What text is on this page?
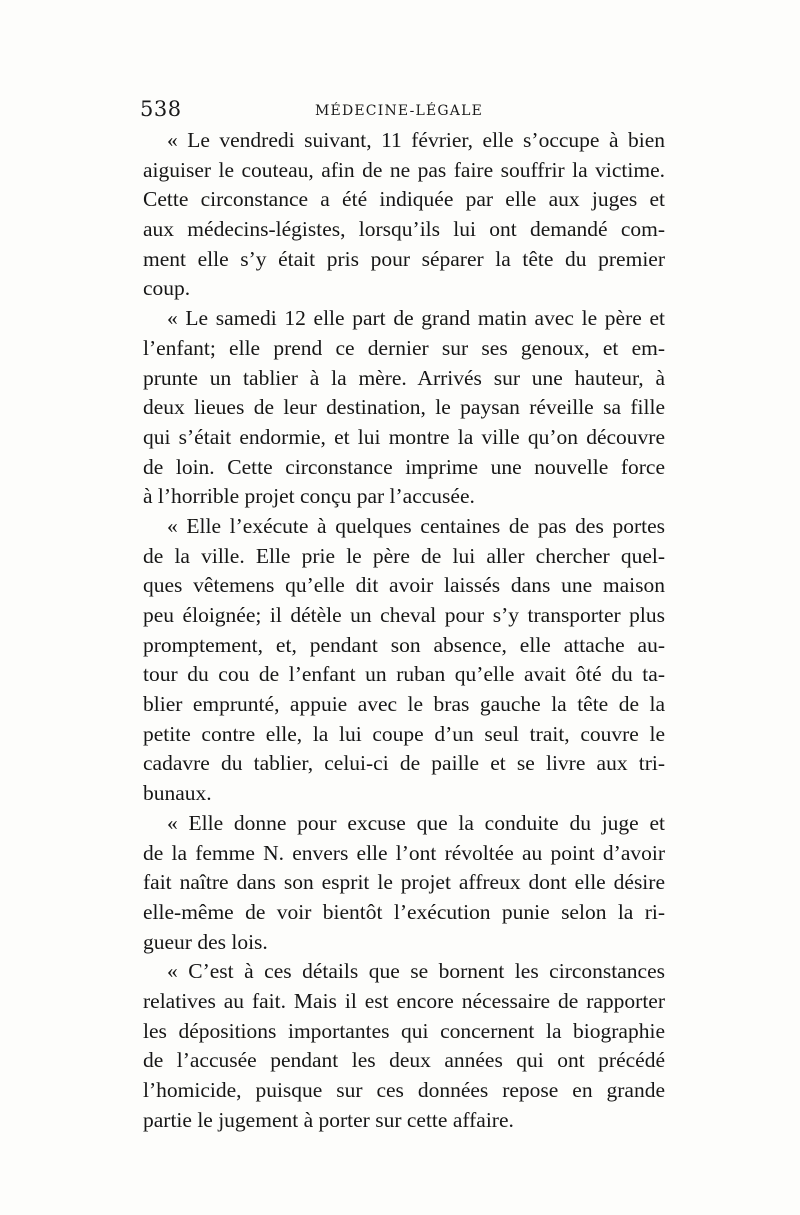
538	MÉDECINE-LÉGALE
« Le vendredi suivant, 11 février, elle s’occupe à bien
aiguiser le couteau, afin de ne pas faire souffrir la victime.
Cette circonstance a été indiquée par elle aux juges et
aux médecins-légistes, lorsqu’ils lui ont demandé com-
ment elle s’y était pris pour séparer la tête du premier
coup.
« Le samedi 12 elle part de grand matin avec le père et
l’enfant; elle prend ce dernier sur ses genoux, et em-
prunte un tablier à la mère. Arrivés sur une hauteur, à
deux lieues de leur destination, le paysan réveille sa fille
qui s’était endormie, et lui montre la ville qu’on découvre
de loin. Cette circonstance imprime une nouvelle force
à l’horrible projet conçu par l’accusée.
« Elle l’exécute à quelques centaines de pas des portes
de la ville. Elle prie le père de lui aller chercher quel-
ques vêtemens qu’elle dit avoir laissés dans une maison
peu éloignée; il détèle un cheval pour s’y transporter plus
promptement, et, pendant son absence, elle attache au-
tour du cou de l’enfant un ruban qu’elle avait ôté du ta-
blier emprunté, appuie avec le bras gauche la tête de la
petite contre elle, la lui coupe d’un seul trait, couvre le
cadavre du tablier, celui-ci de paille et se livre aux tri-
bunaux.
« Elle donne pour excuse que la conduite du juge et
de la femme N. envers elle l’ont révoltée au point d’avoir
fait naître dans son esprit le projet affreux dont elle désire
elle-même de voir bientôt l’exécution punie selon la ri-
gueur des lois.
« C’est à ces détails que se bornent les circonstances
relatives au fait. Mais il est encore nécessaire de rapporter
les dépositions importantes qui concernent la biographie
de l’accusée pendant les deux années qui ont précédé
l’homicide, puisque sur ces données repose en grande
partie le jugement à porter sur cette affaire.
